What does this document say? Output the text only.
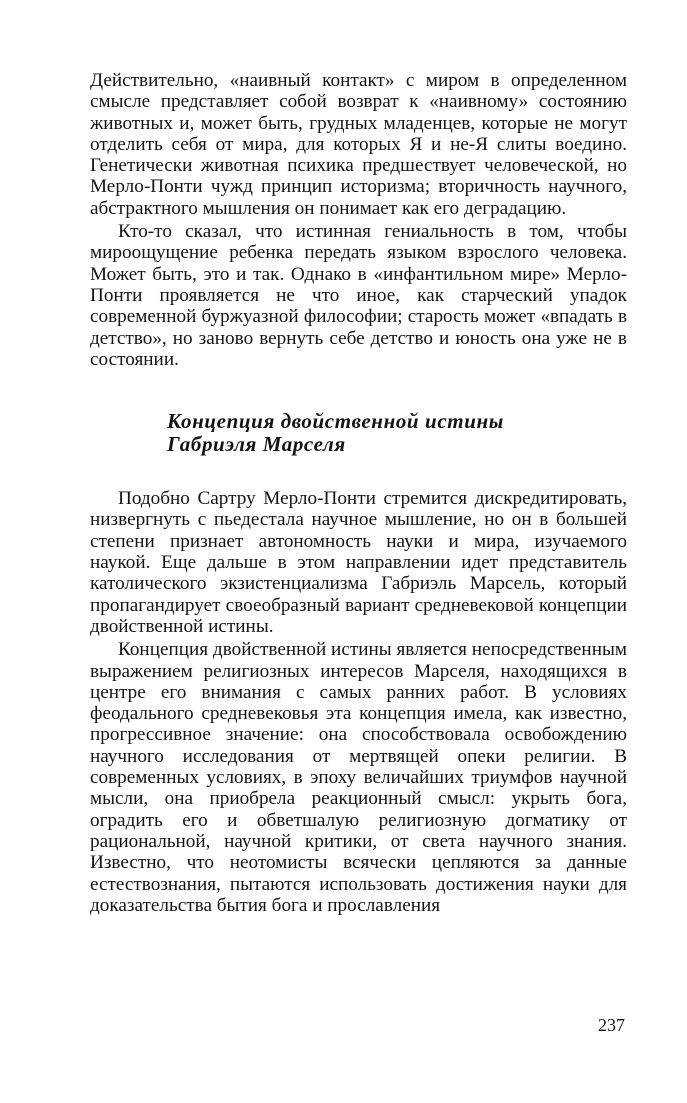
Действительно, «наивный контакт» с миром в определенном смысле представляет собой возврат к «наивному» состоянию животных и, может быть, грудных младенцев, которые не могут отделить себя от мира, для которых Я и не-Я слиты воедино. Генетически животная психика предшествует человеческой, но Мерло-Понти чужд принцип историзма; вторичность научного, абстрактного мышления он понимает как его деградацию.

Кто-то сказал, что истинная гениальность в том, чтобы мироощущение ребенка передать языком взрослого человека. Может быть, это и так. Однако в «инфантильном мире» Мерло-Понти проявляется не что иное, как старческий упадок современной буржуазной философии; старость может «впадать в детство», но заново вернуть себе детство и юность она уже не в состоянии.

Концепция двойственной истины

Габриэля Марселя

Подобно Сартру Мерло-Понти стремится дискредитировать, низвергнуть с пьедестала научное мышление, но он в большей степени признает автономность науки и мира, изучаемого наукой. Еще дальше в этом направлении идет представитель католического экзистенциализма Габриэль Марсель, который пропагандирует своеобразный вариант средневековой концепции двойственной истины.

Концепция двойственной истины является непосредственным выражением религиозных интересов Марселя, находящихся в центре его внимания с самых ранних работ. В условиях феодального средневековья эта концепция имела, как известно, прогрессивное значение: она способствовала освобождению научного исследования от мертвящей опеки религии. В современных условиях, в эпоху величайших триумфов научной мысли, она приобрела реакционный смысл: укрыть бога, оградить его и обветшалую религиозную догматику от рациональной, научной критики, от света научного знания. Известно, что неотомисты всячески цепляются за данные естествознания, пытаются использовать достижения науки для доказательства бытия бога и прославления

237
